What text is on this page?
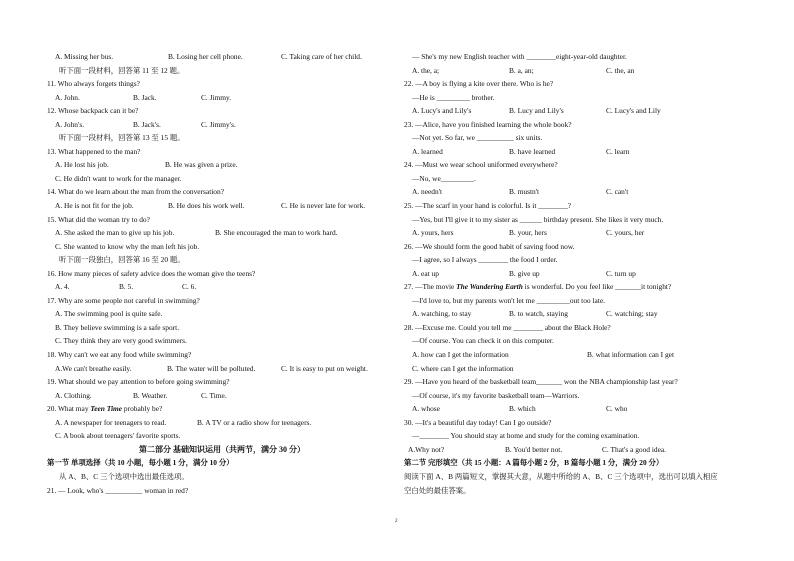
A. Missing her bus.	B. Losing her cell phone.	C. Taking care of her child.
听下面一段材料，回答第 11 至 12 题。
11. Who always forgets things?
A. John.	B. Jack.	C. Jimmy.
12. Whose backpack can it be?
A. John's.	B. Jack's.	C. Jimmy's.
听下面一段材料，回答第 13 至 15 题。
13. What happened to the man?
A. He lost his job.	B. He was given a prize.
C. He didn't want to work for the manager.
14. What do we learn about the man from the conversation?
A. He is not fit for the job.	B. He does his work well.	C. He is never late for work.
15. What did the woman try to do?
A. She asked the man to give up his job.	B. She encouraged the man to work hard.
C. She wanted to know why the man left his job.
听下面一段独白，回答第 16 至 20 题。
16. How many pieces of safety advice does the woman give the teens?
A. 4.	B. 5.	C. 6.
17. Why are some people not careful in swimming?
A. The swimming pool is quite safe.
B. They believe swimming is a safe sport.
C. They think they are very good swimmers.
18. Why can't we eat any food while swimming?
A.We can't breathe easily.	B. The water will be polluted.	C. It is easy to put on weight.
19. What should we pay attention to before going swimming?
A. Clothing.	B. Weather.	C. Time.
20. What may Teen Time probably be?
A. A newspaper for teenagers to read.	B. A TV or a radio show for teenagers.
C. A book about teenagers' favorite sports.
第二部分 基础知识运用（共两节，满分 30 分）
第一节 单项选择（共 10 小题，每小题 1 分，满分 10 分）
从 A、B、C 三个选项中选出最佳选项。
21. — Look, who's __________ woman in red?
— She's my new English teacher with ________eight-year-old daughter.
A. the, a;	B. a, an;	C. the, an
22. —A boy is flying a kite over there. Who is he?
—He is _________ brother.
A. Lucy's and Lily's	B. Lucy and Lily's	C. Lucy's and Lily
23. —Alice, have you finished learning the whole book?
—Not yet. So far, we __________ six units.
A. learned	B. have learned	C. learn
24. —Must we wear school uniformed everywhere?
—No, we_________.
A. needn't	B. mustn't	C. can't
25. —The scarf in your hand is colorful. Is it ________?
—Yes, but I'll give it to my sister as ______ birthday present. She likes it very much.
A. yours, hers	B. your, hers	C. yours, her
26. —We should form the good habit of saving food now.
—I agree, so I always ________ the food I order.
A. eat up	B. give up	C. turn up
27. —The movie The Wandering Earth is wonderful. Do you feel like _______it tonight?
—I'd love to, but my parents won't let me _________out too late.
A. watching, to stay	B. to watch, staying	C. watching; stay
28. —Excuse me. Could you tell me ________ about the Black Hole?
—Of course. You can check it on this computer.
A. how can I get the information	B. what information can I get
C. where can I get the information
29. —Have you heard of the basketball team_______ won the NBA championship last year?
—Of course, it's my favorite basketball team—Warriors.
A. whose	B. which	C. who
30. —It's a beautiful day today! Can I go outside?
—________ You should stay at home and study for the coming examination.
A.Why not?	B. You'd better not.	C. That's a good idea.
第二节 完形填空（共 15 小题：A 篇每小题 2 分，B 篇每小题 1 分，满分 20 分）
阅读下面 A、B 两篇短文，掌握其大意，从题中所给的 A、B、C 三个选项中，选出可以填入相应
空白处的最佳答案。
2
